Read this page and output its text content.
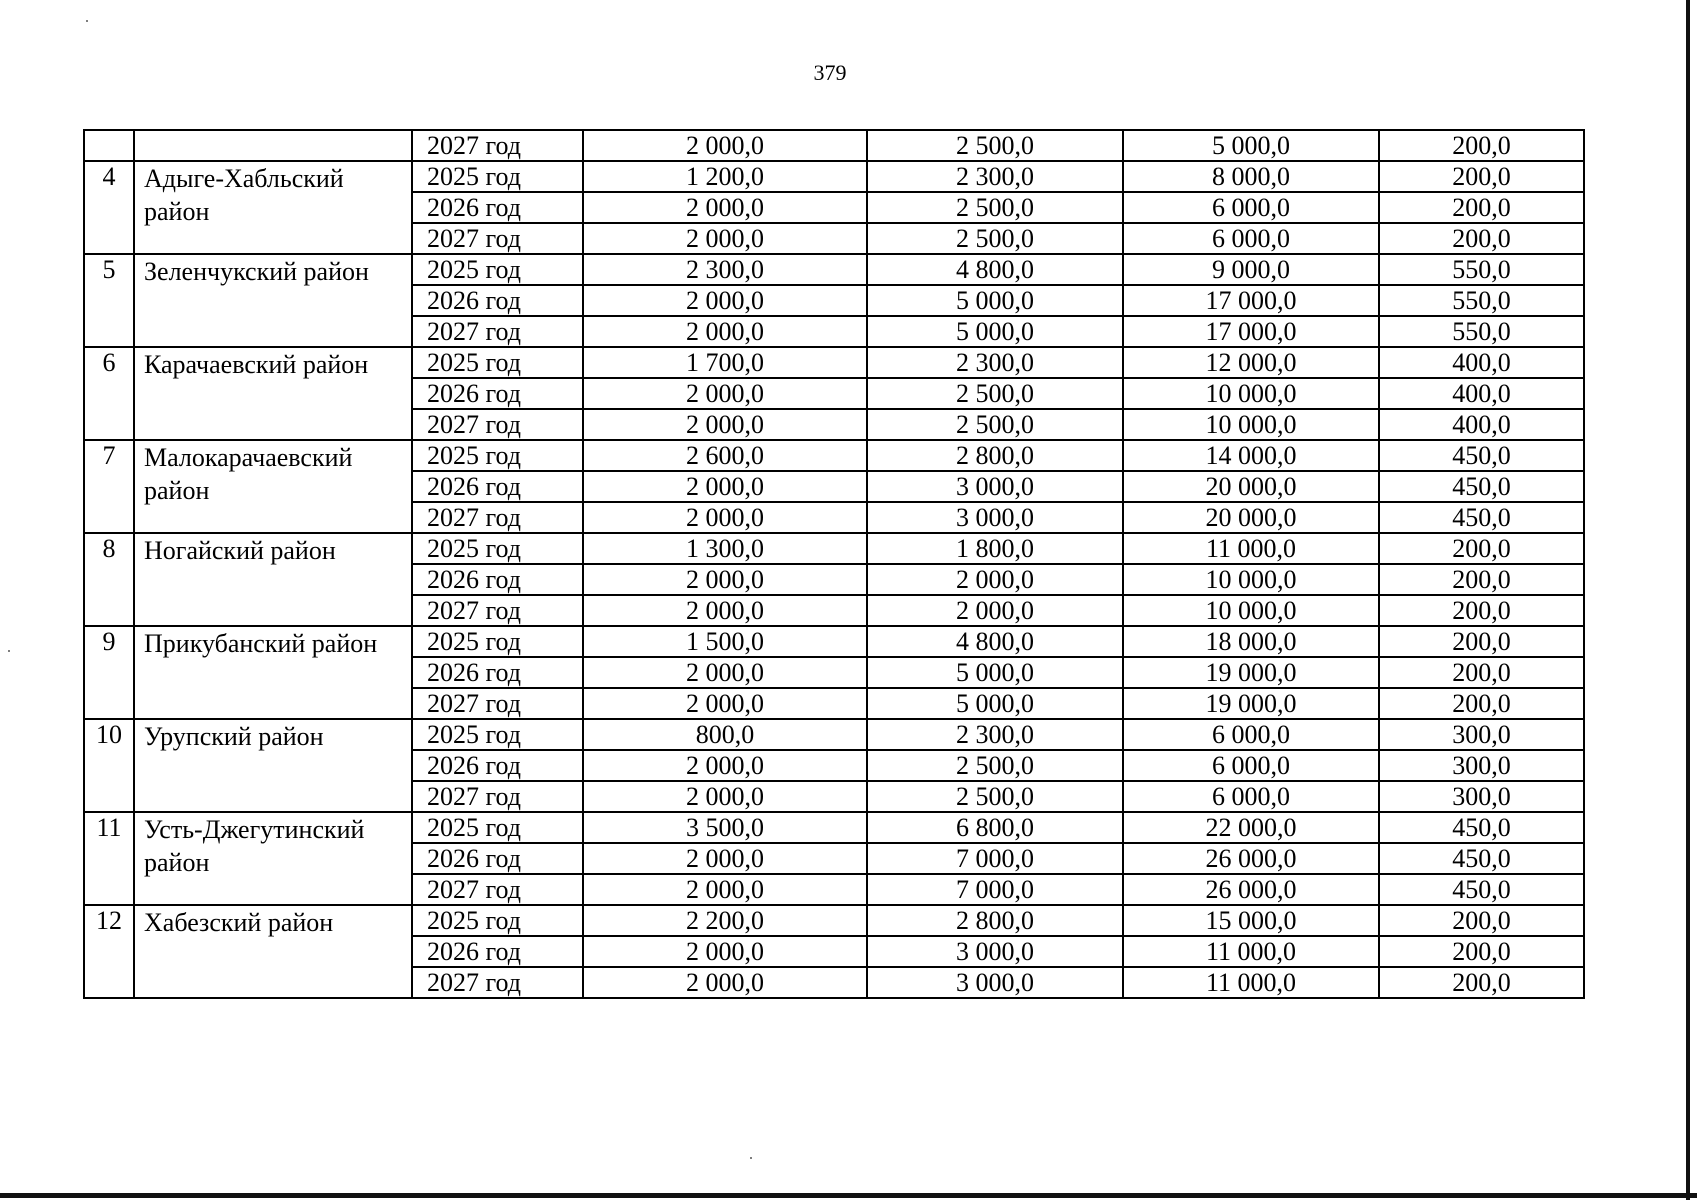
379
		2027 год	2 000,0	2 500,0	5 000,0	200,0
4	Адыге-Хабльский район	2025 год	1 200,0	2 300,0	8 000,0	200,0
		2026 год	2 000,0	2 500,0	6 000,0	200,0
		2027 год	2 000,0	2 500,0	6 000,0	200,0
5	Зеленчукский район	2025 год	2 300,0	4 800,0	9 000,0	550,0
		2026 год	2 000,0	5 000,0	17 000,0	550,0
		2027 год	2 000,0	5 000,0	17 000,0	550,0
6	Карачаевский район	2025 год	1 700,0	2 300,0	12 000,0	400,0
		2026 год	2 000,0	2 500,0	10 000,0	400,0
		2027 год	2 000,0	2 500,0	10 000,0	400,0
7	Малокарачаевский район	2025 год	2 600,0	2 800,0	14 000,0	450,0
		2026 год	2 000,0	3 000,0	20 000,0	450,0
		2027 год	2 000,0	3 000,0	20 000,0	450,0
8	Ногайский район	2025 год	1 300,0	1 800,0	11 000,0	200,0
		2026 год	2 000,0	2 000,0	10 000,0	200,0
		2027 год	2 000,0	2 000,0	10 000,0	200,0
9	Прикубанский район	2025 год	1 500,0	4 800,0	18 000,0	200,0
		2026 год	2 000,0	5 000,0	19 000,0	200,0
		2027 год	2 000,0	5 000,0	19 000,0	200,0
10	Урупский район	2025 год	800,0	2 300,0	6 000,0	300,0
		2026 год	2 000,0	2 500,0	6 000,0	300,0
		2027 год	2 000,0	2 500,0	6 000,0	300,0
11	Усть-Джегутинский район	2025 год	3 500,0	6 800,0	22 000,0	450,0
		2026 год	2 000,0	7 000,0	26 000,0	450,0
		2027 год	2 000,0	7 000,0	26 000,0	450,0
12	Хабезский район	2025 год	2 200,0	2 800,0	15 000,0	200,0
		2026 год	2 000,0	3 000,0	11 000,0	200,0
		2027 год	2 000,0	3 000,0	11 000,0	200,0
